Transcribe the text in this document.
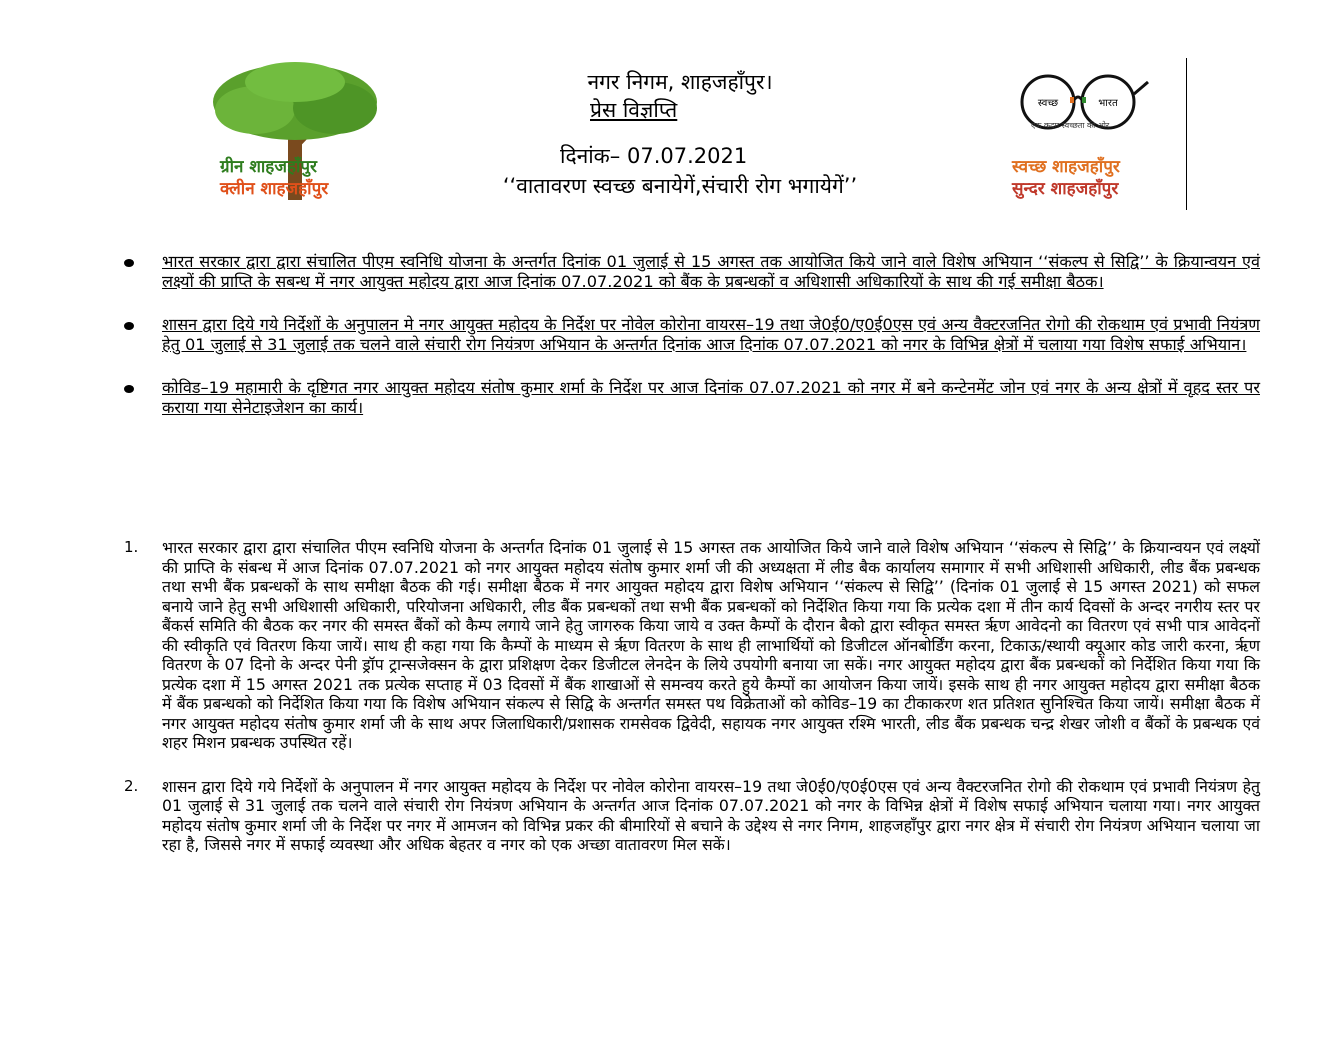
ग्रीन शाहजहाँपुर
क्लीन शाहजहाँपुर
नगर निगम, शाहजहाँपुर।
प्रेस विज्ञप्ति
दिनांक– 07.07.2021
‘‘वातावरण स्वच्छ बनायेगें,संचारी रोग भगायेगें’’
स्वच्छ	भारत
एक कदम स्वच्छता की ओर
स्वच्छ शाहजहाँपुर
सुन्दर शाहजहाँपुर
भारत सरकार द्वारा द्वारा संचालित पीएम स्वनिधि योजना के अन्तर्गत दिनांक 01 जुलाई से 15 अगस्त तक आयोजित किये जाने वाले विशेष अभियान ‘‘संकल्प से सिद्वि’’ के क्रियान्वयन एवं लक्ष्यों की प्राप्ति के सबन्ध में नगर आयुक्त महोदय द्वारा आज दिनांक 07.07.2021 को बैंक के प्रबन्धकों व अधिशासी अधिकारियों के साथ की गई समीक्षा बैठक।
शासन द्वारा दिये गये निर्देशों के अनुपालन मे नगर आयुक्त महोदय के निर्देश पर नोवेल कोरोना वायरस–19 तथा जे0ई0/ए0ई0एस एवं अन्य वैक्टरजनित रोगो की रोकथाम एवं प्रभावी नियंत्रण हेतु 01 जुलाई से 31 जुलाई तक चलने वाले संचारी रोग नियंत्रण अभियान के अन्तर्गत दिनांक आज दिनांक 07.07.2021 को नगर के विभिन्न क्षेत्रों में चलाया गया विशेष सफाई अभियान।
कोविड–19 महामारी के दृष्टिगत नगर आयुक्त महोदय संतोष कुमार शर्मा के निर्देश पर आज दिनांक 07.07.2021 को नगर में बने कन्टेनमेंट जोन एवं नगर के अन्य क्षेत्रों में वृहद स्तर पर कराया गया सेनेटाइजेशन का कार्य।
1. भारत सरकार द्वारा द्वारा संचालित पीएम स्वनिधि योजना के अन्तर्गत दिनांक 01 जुलाई से 15 अगस्त तक आयोजित किये जाने वाले विशेष अभियान ‘‘संकल्प से सिद्वि’’ के क्रियान्वयन एवं लक्ष्यों की प्राप्ति के संबन्ध में आज दिनांक 07.07.2021 को नगर आयुक्त महोदय संतोष कुमार शर्मा जी की अध्यक्षता में लीड बैक कार्यालय समागार में सभी अधिशासी अधिकारी, लीड बैंक प्रबन्धक तथा सभी बैंक प्रबन्धकों के साथ समीक्षा बैठक की गई। समीक्षा बैठक में नगर आयुक्त महोदय द्वारा विशेष अभियान ‘‘संकल्प से सिद्वि’’ (दिनांक 01 जुलाई से 15 अगस्त 2021) को सफल बनाये जाने हेतु सभी अधिशासी अधिकारी, परियोजना अधिकारी, लीड बैंक प्रबन्धकों तथा सभी बैंक प्रबन्धकों को निर्देशित किया गया कि प्रत्येक दशा में तीन कार्य दिवसों के अन्दर नगरीय स्तर पर बैंकर्स समिति की बैठक कर नगर की समस्त बैंकों को कैम्प लगाये जाने हेतु जागरुक किया जाये व उक्त कैम्पों के दौरान बैको द्वारा स्वीकृत समस्त ऋृण आवेदनो का वितरण एवं सभी पात्र आवेदनों की स्वीकृति एवं वितरण किया जायें। साथ ही कहा गया कि कैम्पों के माध्यम से ऋृण वितरण के साथ ही लाभार्थियों को डिजीटल ऑनबोर्डिंग करना, टिकाऊ/स्थायी क्यूआर कोड जारी करना, ऋृण वितरण के 07 दिनो के अन्दर पेनी ड्रॉप ट्रान्सजेक्सन के द्वारा प्रशिक्षण देकर डिजीटल लेनदेन के लिये उपयोगी बनाया जा सकें। नगर आयुक्त महोदय द्वारा बैंक प्रबन्धकों को निर्देशित किया गया कि प्रत्येक दशा में 15 अगस्त 2021 तक प्रत्येक सप्ताह में 03 दिवसों में बैंक शाखाओं से समन्वय करते हुये कैम्पों का आयोजन किया जायें। इसके साथ ही नगर आयुक्त महोदय द्वारा समीक्षा बैठक में बैंक प्रबन्धको को निर्देशित किया गया कि विशेष अभियान संकल्प से सिद्वि के अन्तर्गत समस्त पथ विक्रेताओं को कोविड–19 का टीकाकरण शत प्रतिशत सुनिश्चित किया जायें। समीक्षा बैठक में नगर आयुक्त महोदय संतोष कुमार शर्मा जी के साथ अपर जिलाधिकारी/प्रशासक रामसेवक द्विवेदी, सहायक नगर आयुक्त रश्मि भारती, लीड बैंक प्रबन्धक चन्द्र शेखर जोशी व बैंकों के प्रबन्धक एवं शहर मिशन प्रबन्धक उपस्थित रहें।
2. शासन द्वारा दिये गये निर्देशों के अनुपालन में नगर आयुक्त महोदय के निर्देश पर नोवेल कोरोना वायरस–19 तथा जे0ई0/ए0ई0एस एवं अन्य वैक्टरजनित रोगो की रोकथाम एवं प्रभावी नियंत्रण हेतु 01 जुलाई से 31 जुलाई तक चलने वाले संचारी रोग नियंत्रण अभियान के अन्तर्गत आज दिनांक 07.07.2021 को नगर के विभिन्न क्षेत्रों में विशेष सफाई अभियान चलाया गया। नगर आयुक्त महोदय संतोष कुमार शर्मा जी के निर्देश पर नगर में आमजन को विभिन्न प्रकर की बीमारियों से बचाने के उद्देश्य से नगर निगम, शाहजहाँपुर द्वारा नगर क्षेत्र में संचारी रोग नियंत्रण अभियान चलाया जा रहा है, जिससे नगर में सफाई व्यवस्था और अधिक बेहतर व नगर को एक अच्छा वातावरण मिल सकें।
